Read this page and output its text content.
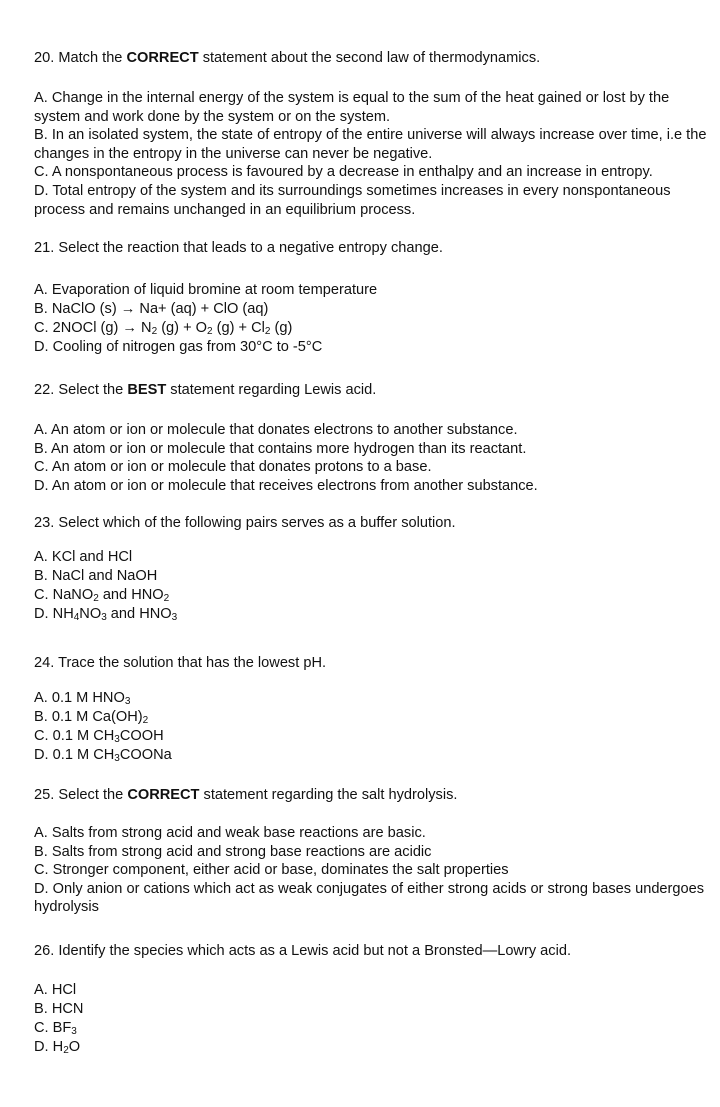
20. Match the CORRECT statement about the second law of thermodynamics.

A. Change in the internal energy of the system is equal to the sum of the heat gained or lost by the system and work done by the system or on the system.
B. In an isolated system, the state of entropy of the entire universe will always increase over time, i.e the changes in the entropy in the universe can never be negative.
C. A nonspontaneous process is favoured by a decrease in enthalpy and an increase in entropy.
D. Total entropy of the system and its surroundings sometimes increases in every nonspontaneous process and remains unchanged in an equilibrium process.

21. Select the reaction that leads to a negative entropy change.

A. Evaporation of liquid bromine at room temperature
B. NaClO (s) → Na+ (aq) + ClO (aq)
C. 2NOCl $(g) \to N_2$ $(g) + O_2$ $(g) + Cl_2$ (g)
D. Cooling of nitrogen gas from 30°C to -5°C

22. Select the BEST statement regarding Lewis acid.

A. An atom or ion or molecule that donates electrons to another substance.
B. An atom or ion or molecule that contains more hydrogen than its reactant.
C. An atom or ion or molecule that donates protons to a base.
D. An atom or ion or molecule that receives electrons from another substance.

23. Select which of the following pairs serves as a buffer solution.

A. KCl and HCl
B. NaCl and NaOH
C. NaNO$_2$ and $HNO_2$
D. $NH_4NO_3$ and $HNO_3$

24. Trace the solution that has the lowest pH.

A. 0.1 M $HNO_3$
B. 0.1 M $Ca(OH)_2$
C. 0.1 M $CH_3COOH$
D. 0.1 M $CH_3COONa$

25. Select the CORRECT statement regarding the salt hydrolysis.

A. Salts from strong acid and weak base reactions are basic.
B. Salts from strong acid and strong base reactions are acidic
C. Stronger component, either acid or base, dominates the salt properties
D. Only anion or cations which act as weak conjugates of either strong acids or strong bases undergoes hydrolysis

26. Identify the species which acts as a Lewis acid but not a Bronsted—Lowry acid.

A. HCl
B. HCN
C. $BF_3$
D. $H_2O$
